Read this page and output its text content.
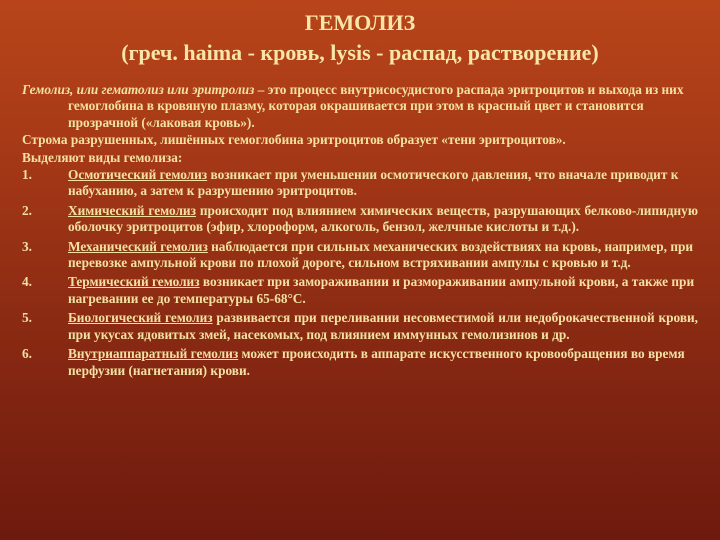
ГЕМОЛИЗ
(греч. haima - кровь, lysis - распад, растворение)

Гемолиз, или гематолиз или эритролиз – это процесс внутрисосудистого распада эритроцитов и выхода из них гемоглобина в кровяную плазму, которая окрашивается при этом в красный цвет и становится прозрачной («лаковая кровь»).

Строма разрушенных, лишённых гемоглобина эритроцитов образует «тени эритроцитов».

Выделяют виды гемолиза:

1.	Осмотический гемолиз возникает при уменьшении осмотического давления, что вначале приводит к набуханию, а затем к разрушению эритроцитов.
2.	Химический гемолиз происходит под влиянием химических веществ, разрушающих белково-липидную оболочку эритроцитов (эфир, хлороформ, алкоголь, бензол, желчные кислоты и т.д.).
3.	Механический гемолиз наблюдается при сильных механических воздействиях на кровь, например, при перевозке ампульной крови по плохой дороге, сильном встряхивании ампулы с кровью и т.д.
4.	Термический гемолиз возникает при замораживании и размораживании ампульной крови, а также при нагревании ее до температуры 65-68°С.
5.	Биологический гемолиз развивается при переливании несовместимой или недоброкачественной крови, при укусах ядовитых змей, насекомых, под влиянием иммунных гемолизинов и др.
6.	Внутриаппаратный гемолиз может происходить в аппарате искусственного кровообращения во время перфузии (нагнетания) крови.
